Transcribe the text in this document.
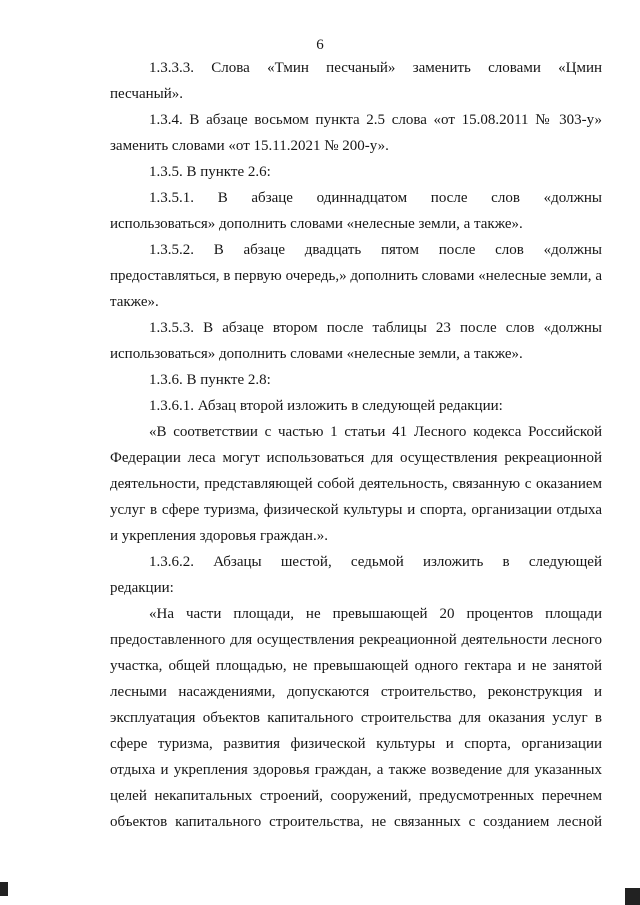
6
1.3.3.3. Слова «Тмин песчаный» заменить словами «Цмин
песчаный».
1.3.4. В абзаце восьмом пункта 2.5 слова «от 15.08.2011 № 303-у»
заменить словами «от 15.11.2021 № 200-у».
1.3.5. В пункте 2.6:
1.3.5.1. В абзаце одиннадцатом после слов «должны
использоваться» дополнить словами «нелесные земли, а также».
1.3.5.2. В абзаце двадцать пятом после слов «должны
предоставляться, в первую очередь,» дополнить словами «нелесные земли, а
также».
1.3.5.3. В абзаце втором после таблицы 23 после слов «должны
использоваться» дополнить словами «нелесные земли, а также».
1.3.6. В пункте 2.8:
1.3.6.1. Абзац второй изложить в следующей редакции:
«В соответствии с частью 1 статьи 41 Лесного кодекса Российской
Федерации леса могут использоваться для осуществления рекреационной
деятельности, представляющей собой деятельность, связанную с оказанием
услуг в сфере туризма, физической культуры и спорта, организации отдыха
и укрепления здоровья граждан.».
1.3.6.2. Абзацы шестой, седьмой изложить в следующей
редакции:
«На части площади, не превышающей 20 процентов площади
предоставленного для осуществления рекреационной деятельности лесного
участка, общей площадью, не превышающей одного гектара и не занятой
лесными насаждениями, допускаются строительство, реконструкция и
эксплуатация объектов капитального строительства для оказания услуг в
сфере туризма, развития физической культуры и спорта, организации
отдыха и укрепления здоровья граждан, а также возведение для указанных
целей некапитальных строений, сооружений, предусмотренных перечнем
объектов капитального строительства, не связанных с созданием лесной
